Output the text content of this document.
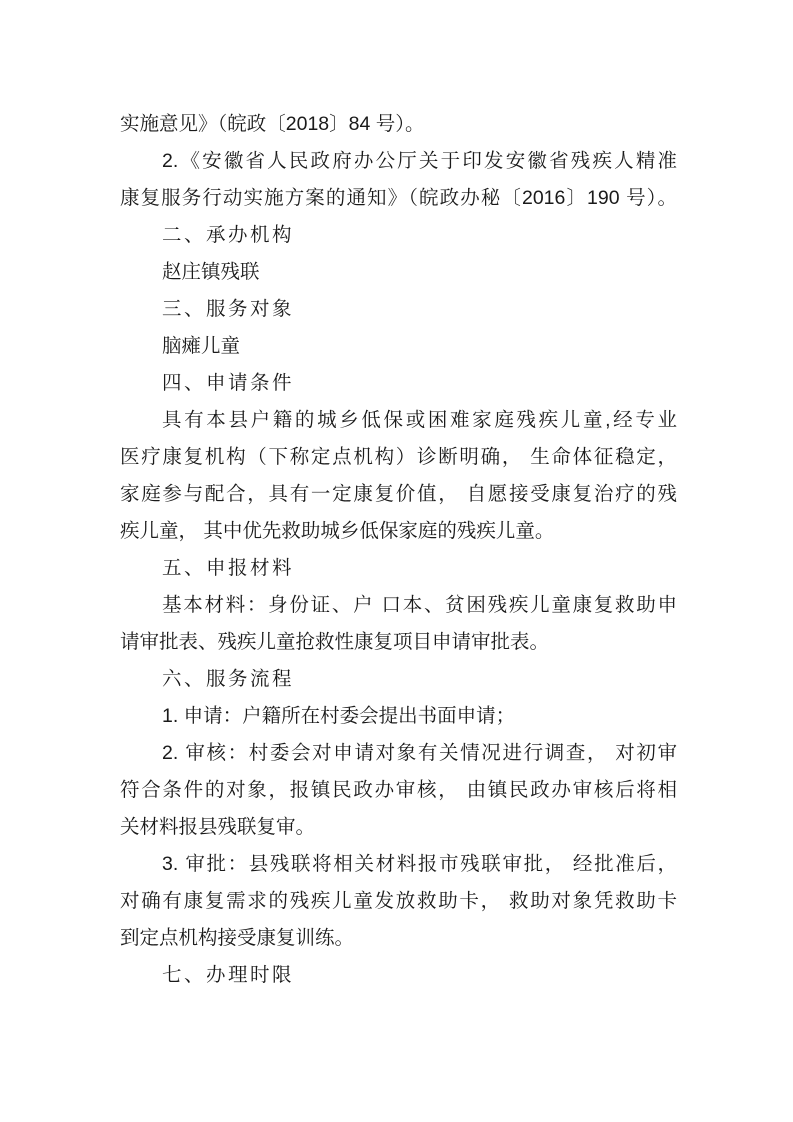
实施意见》（皖政〔2018〕84 号）。
2.《安徽省人民政府办公厅关于印发安徽省残疾人精准
康复服务行动实施方案的通知》（皖政办秘〔2016〕190 号）。
二、承办机构
赵庄镇残联
三、服务对象
脑瘫儿童
四、申请条件
具有本县户籍的城乡低保或困难家庭残疾儿童,经专业
医疗康复机构（下称定点机构）诊断明确， 生命体征稳定，
家庭参与配合，具有一定康复价值， 自愿接受康复治疗的残
疾儿童， 其中优先救助城乡低保家庭的残疾儿童。
五、申报材料
基本材料：身份证、户 口本、贫困残疾儿童康复救助申
请审批表、残疾儿童抢救性康复项目申请审批表。
六、服务流程
1. 申请：户籍所在村委会提出书面申请；
2. 审核：村委会对申请对象有关情况进行调查， 对初审
符合条件的对象，报镇民政办审核， 由镇民政办审核后将相
关材料报县残联复审。
3. 审批：县残联将相关材料报市残联审批， 经批准后，
对确有康复需求的残疾儿童发放救助卡， 救助对象凭救助卡
到定点机构接受康复训练。
七、办理时限
